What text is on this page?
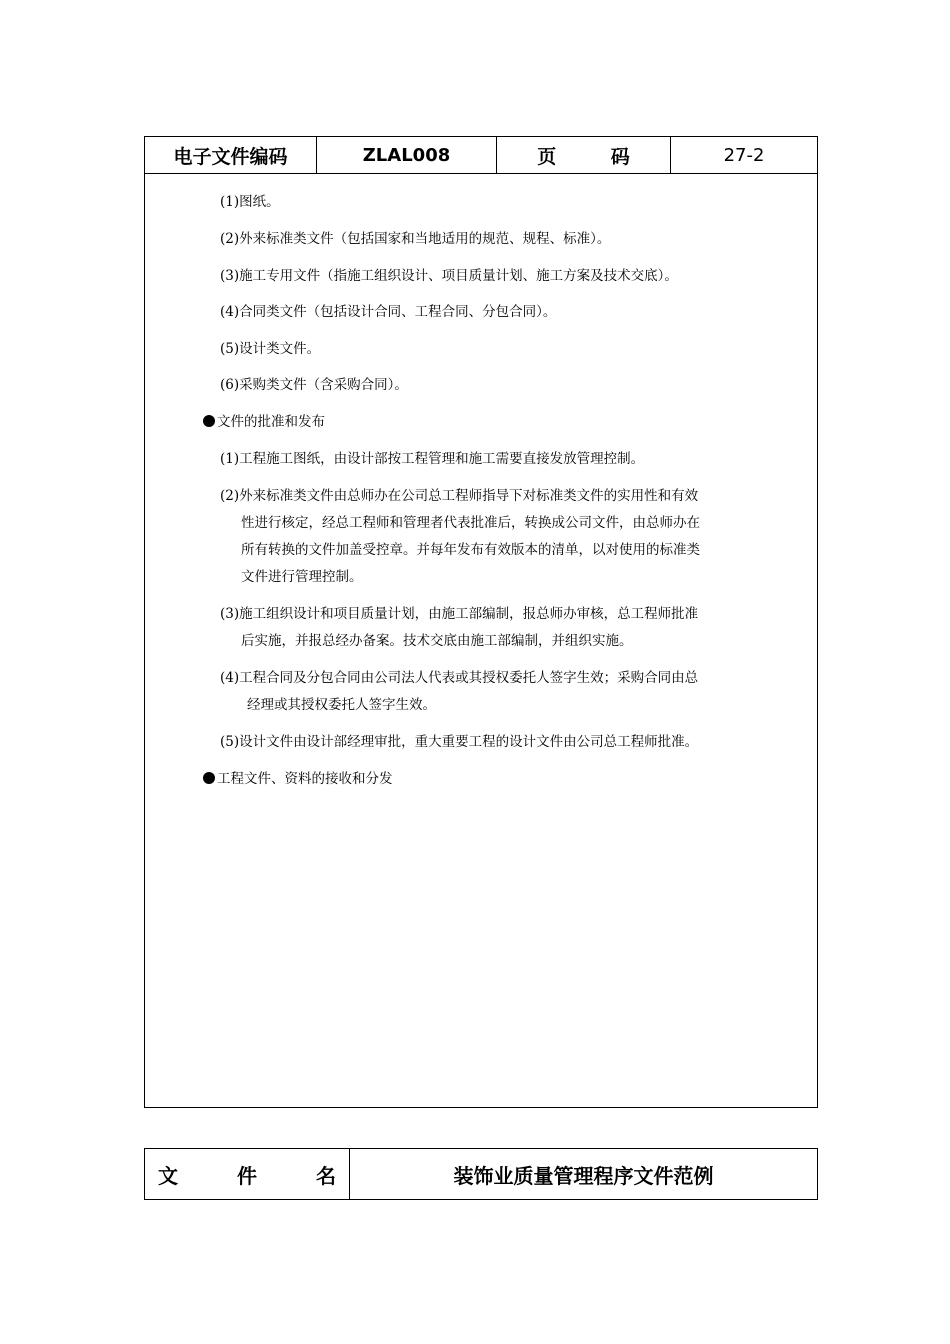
电子文件编码	ZLAL008	页 码	27-2
(1)图纸。
(2)外来标准类文件（包括国家和当地适用的规范、规程、标准）。
(3)施工专用文件（指施工组织设计、项目质量计划、施工方案及技术交底）。
(4)合同类文件（包括设计合同、工程合同、分包合同）。
(5)设计类文件。
(6)采购类文件（含采购合同）。
文件的批准和发布
(1)工程施工图纸，由设计部按工程管理和施工需要直接发放管理控制。
(2)外来标准类文件由总师办在公司总工程师指导下对标准类文件的实用性和有效
性进行核定，经总工程师和管理者代表批准后，转换成公司文件，由总师办在
所有转换的文件加盖受控章。并每年发布有效版本的清单，以对使用的标准类
文件进行管理控制。
(3)施工组织设计和项目质量计划，由施工部编制，报总师办审核，总工程师批准
后实施，并报总经办备案。技术交底由施工部编制，并组织实施。
(4)工程合同及分包合同由公司法人代表或其授权委托人签字生效；采购合同由总
经理或其授权委托人签字生效。
(5)设计文件由设计部经理审批，重大重要工程的设计文件由公司总工程师批准。
工程文件、资料的接收和分发
文 件 名	装饰业质量管理程序文件范例
